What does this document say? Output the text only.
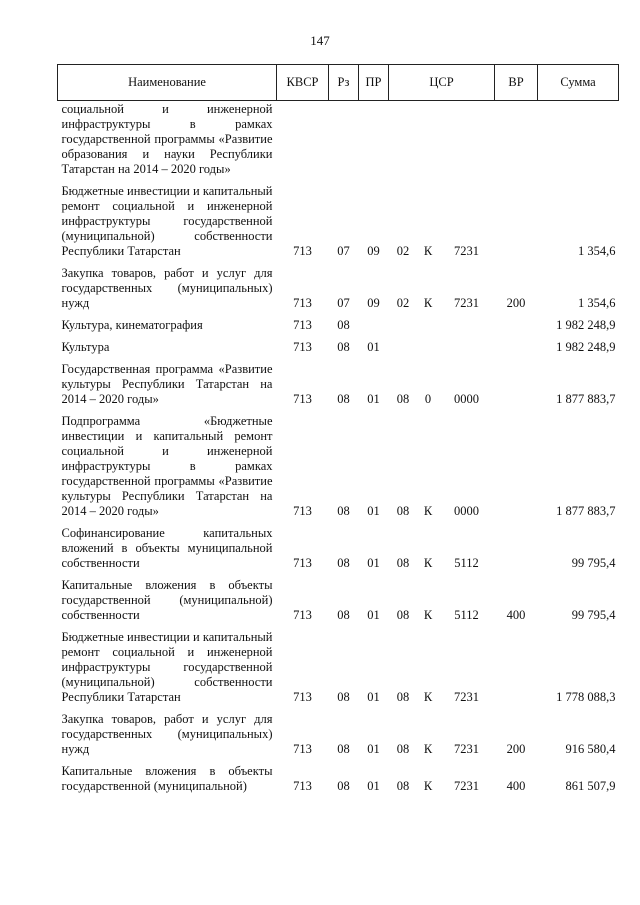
147
Наименование	КВСР	Рз	ПР	ЦСР			ВР	Сумма
социальной и инженерной инфраструктуры в рамках государственной программы «Развитие образования и науки Республики Татарстан на 2014 – 2020 годы»								
Бюджетные инвестиции и капитальный ремонт социальной и инженерной инфраструктуры государственной (муниципальной) собственности Республики Татарстан	713	07	09	02	К	7231		1 354,6
Закупка товаров, работ и услуг для государственных (муниципальных) нужд	713	07	09	02	К	7231	200	1 354,6
Культура, кинематография	713	08						1 982 248,9
Культура	713	08	01					1 982 248,9
Государственная программа «Развитие культуры Республики Татарстан на 2014 – 2020 годы»	713	08	01	08	0	0000		1 877 883,7
Подпрограмма «Бюджетные инвестиции и капитальный ремонт социальной и инженерной инфраструктуры в рамках государственной программы «Развитие культуры Республики Татарстан на 2014 – 2020 годы»	713	08	01	08	К	0000		1 877 883,7
Софинансирование капитальных вложений в объекты муниципальной собственности	713	08	01	08	К	5112		99 795,4
Капитальные вложения в объекты государственной (муниципальной) собственности	713	08	01	08	К	5112	400	99 795,4
Бюджетные инвестиции и капитальный ремонт социальной и инженерной инфраструктуры государственной (муниципальной) собственности Республики Татарстан	713	08	01	08	К	7231		1 778 088,3
Закупка товаров, работ и услуг для государственных (муниципальных) нужд	713	08	01	08	К	7231	200	916 580,4
Капитальные вложения в объекты государственной (муниципальной)	713	08	01	08	К	7231	400	861 507,9
